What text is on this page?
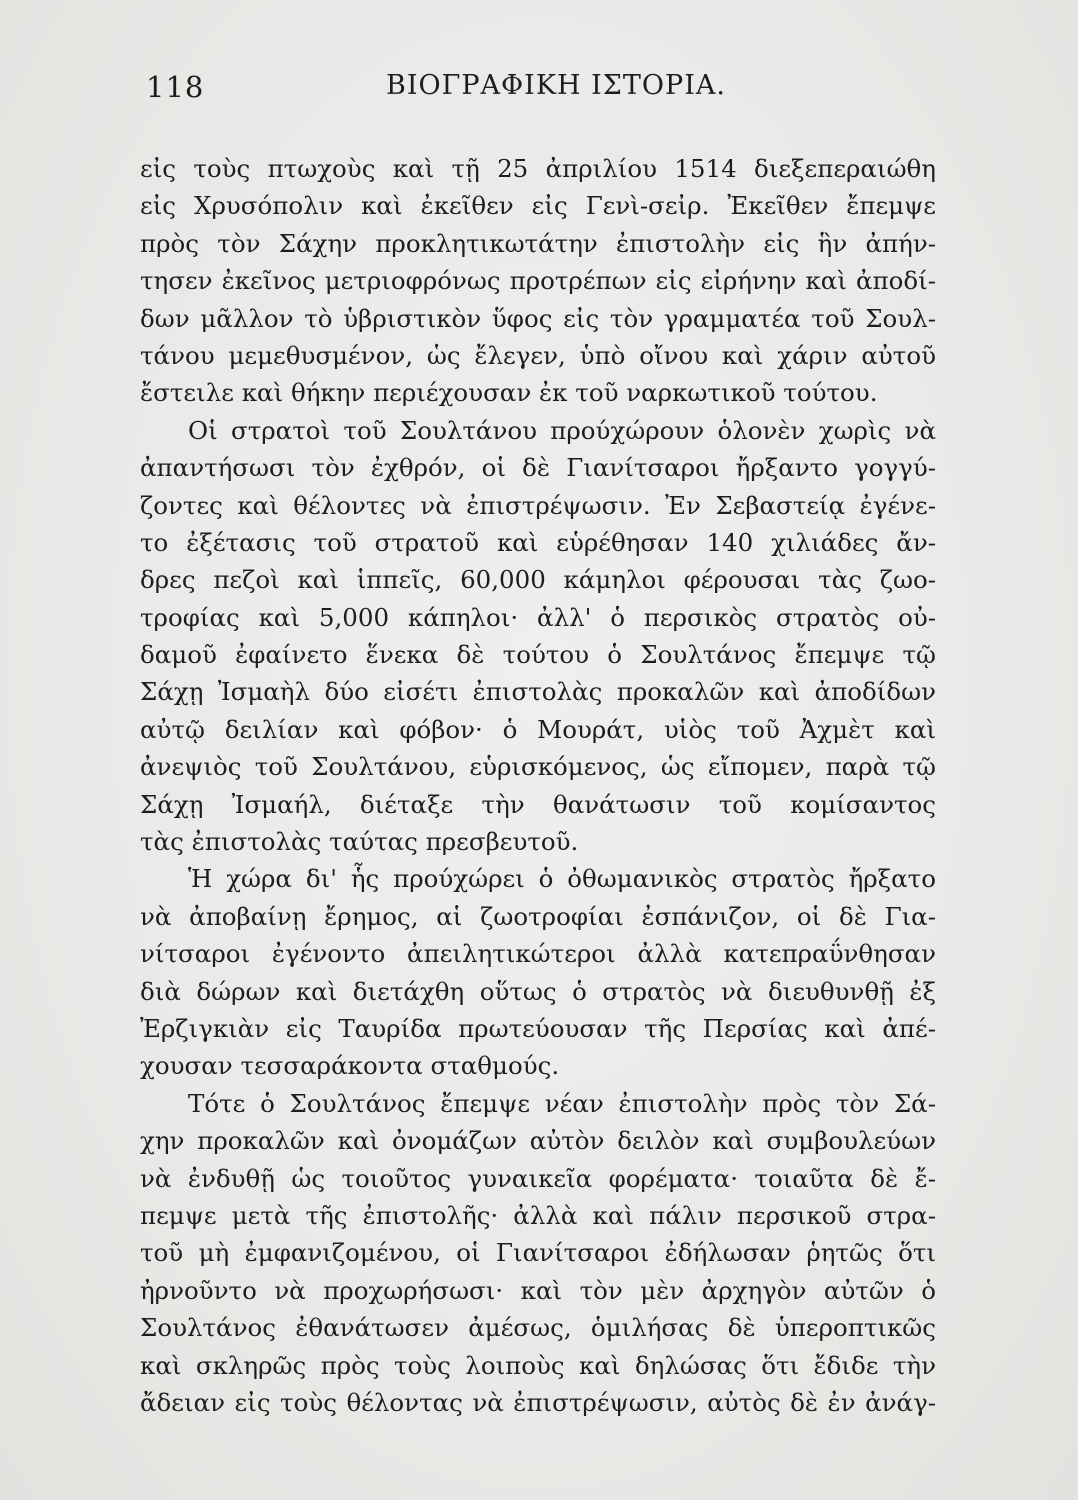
118	ΒΙΟΓΡΑΦΙΚΗ ΙΣΤΟΡΙΑ.
εἰς τοὺς πτωχοὺς καὶ τῇ 25 ἀπριλίου 1514 διεξεπεραιώθη
εἰς Χρυσόπολιν καὶ ἐκεῖθεν εἰς Γενὶ-σεἰρ. Ἐκεῖθεν ἔπεμψε
πρὸς τὸν Σάχην προκλητικωτάτην ἐπιστολὴν εἰς ἣν ἀπήν-
τησεν ἐκεῖνος μετριοφρόνως προτρέπων εἰς εἰρήνην καὶ ἀποδί-
δων μᾶλλον τὸ ὑβριστικὸν ὕφος εἰς τὸν γραμματέα τοῦ Σουλ-
τάνου μεμεθυσμένον, ὡς ἔλεγεν, ὑπὸ οἴνου καὶ χάριν αὐτοῦ
ἔστειλε καὶ θήκην περιέχουσαν ἐκ τοῦ ναρκωτικοῦ τούτου.
Οἱ στρατοὶ τοῦ Σουλτάνου προύχώρουν ὁλονὲν χωρὶς νὰ
ἀπαντήσωσι τὸν ἐχθρόν, οἱ δὲ Γιανίτσαροι ἤρξαντο γογγύ-
ζοντες καὶ θέλοντες νὰ ἐπιστρέψωσιν. Ἐν Σεβαστείᾳ ἐγένε-
το ἐξέτασις τοῦ στρατοῦ καὶ εὑρέθησαν 140 χιλιάδες ἄν-
δρες πεζοὶ καὶ ἱππεῖς, 60,000 κάμηλοι φέρουσαι τὰς ζωο-
τροφίας καὶ 5,000 κάπηλοι· ἀλλ' ὁ περσικὸς στρατὸς οὐ-
δαμοῦ ἐφαίνετο ἕνεκα δὲ τούτου ὁ Σουλτάνος ἔπεμψε τῷ
Σάχῃ Ἰσμαὴλ δύο εἰσέτι ἐπιστολὰς προκαλῶν καὶ ἀποδίδων
αὐτῷ δειλίαν καὶ φόβον· ὁ Μουράτ, υἱὸς τοῦ Ἀχμὲτ καὶ
ἀνεψιὸς τοῦ Σουλτάνου, εὑρισκόμενος, ὡς εἴπομεν, παρὰ τῷ
Σάχῃ Ἰσμαήλ, διέταξε τὴν θανάτωσιν τοῦ κομίσαντος
τὰς ἐπιστολὰς ταύτας πρεσβευτοῦ.
Ἡ χώρα δι' ἧς προύχώρει ὁ ὀθωμανικὸς στρατὸς ἤρξατο
νὰ ἀποβαίνῃ ἔρημος, αἱ ζωοτροφίαι ἐσπάνιζον, οἱ δὲ Για-
νίτσαροι ἐγένοντο ἀπειλητικώτεροι ἀλλὰ κατεπραΰνθησαν
διὰ δώρων καὶ διετάχθη οὕτως ὁ στρατὸς νὰ διευθυνθῇ ἐξ
Ἐρζιγκιὰν εἰς Ταυρίδα πρωτεύουσαν τῆς Περσίας καὶ ἀπέ-
χουσαν τεσσαράκοντα σταθμούς.
Τότε ὁ Σουλτάνος ἔπεμψε νέαν ἐπιστολὴν πρὸς τὸν Σά-
χην προκαλῶν καὶ ὀνομάζων αὐτὸν δειλὸν καὶ συμβουλεύων
νὰ ἐνδυθῇ ὡς τοιοῦτος γυναικεῖα φορέματα· τοιαῦτα δὲ ἔ-
πεμψε μετὰ τῆς ἐπιστολῆς· ἀλλὰ καὶ πάλιν περσικοῦ στρα-
τοῦ μὴ ἐμφανιζομένου, οἱ Γιανίτσαροι ἐδήλωσαν ῥητῶς ὅτι
ἠρνοῦντο νὰ προχωρήσωσι· καὶ τὸν μὲν ἀρχηγὸν αὐτῶν ὁ
Σουλτάνος ἐθανάτωσεν ἀμέσως, ὁμιλήσας δὲ ὑπεροπτικῶς
καὶ σκληρῶς πρὸς τοὺς λοιποὺς καὶ δηλώσας ὅτι ἔδιδε τὴν
ἄδειαν εἰς τοὺς θέλοντας νὰ ἐπιστρέψωσιν, αὐτὸς δὲ ἐν ἀνάγ-
